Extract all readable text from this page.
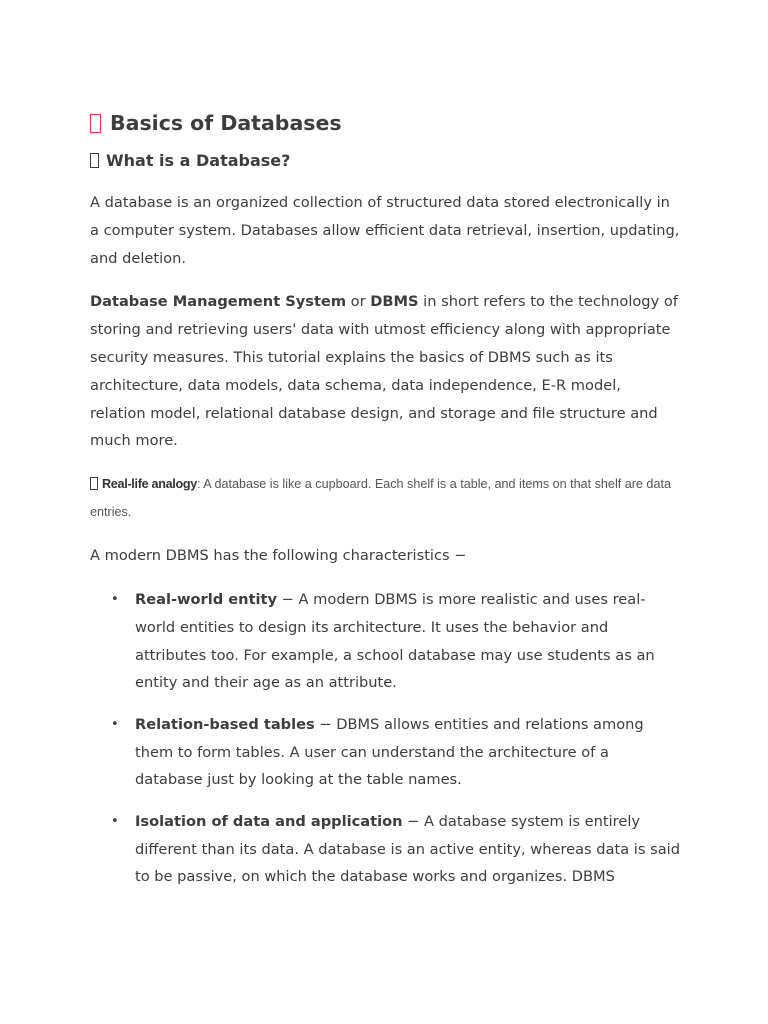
Basics of Databases
What is a Database?

A database is an organized collection of structured data stored electronically in a computer system. Databases allow efficient data retrieval, insertion, updating, and deletion.

Database Management System or DBMS in short refers to the technology of storing and retrieving users' data with utmost efficiency along with appropriate security measures. This tutorial explains the basics of DBMS such as its architecture, data models, data schema, data independence, E-R model, relation model, relational database design, and storage and file structure and much more.

Real-life analogy: A database is like a cupboard. Each shelf is a table, and items on that shelf are data entries.

A modern DBMS has the following characteristics −

• Real-world entity − A modern DBMS is more realistic and uses real-world entities to design its architecture. It uses the behavior and attributes too. For example, a school database may use students as an entity and their age as an attribute.
• Relation-based tables − DBMS allows entities and relations among them to form tables. A user can understand the architecture of a database just by looking at the table names.
• Isolation of data and application − A database system is entirely different than its data. A database is an active entity, whereas data is said to be passive, on which the database works and organizes. DBMS
